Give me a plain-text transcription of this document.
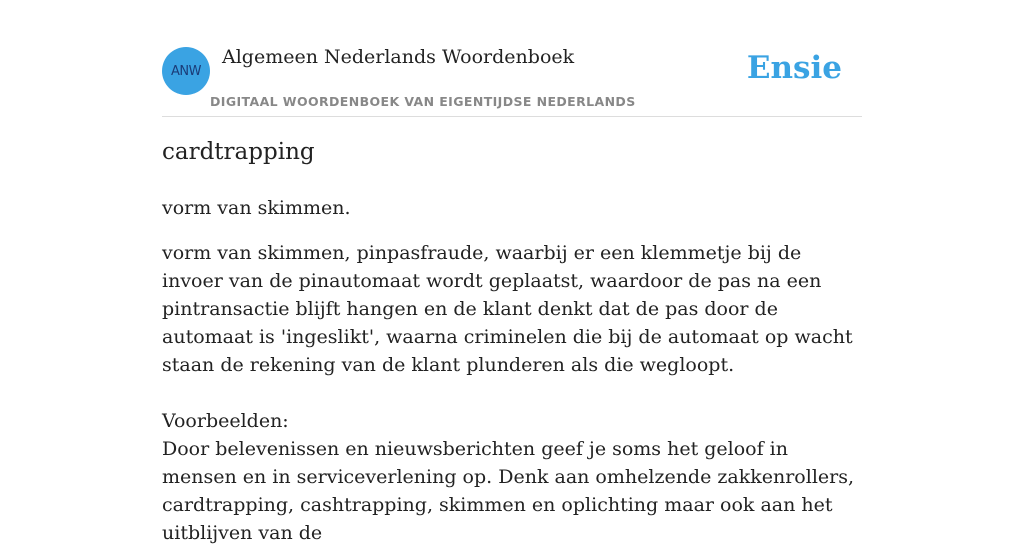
ANW
Algemeen Nederlands Woordenboek
DIGITAAL WOORDENBOEK VAN EIGENTIJDSE NEDERLANDS
Ensie
cardtrapping
vorm van skimmen.

vorm van skimmen, pinpasfraude, waarbij er een klemmetje bij de invoer van de pinautomaat wordt geplaatst, waardoor de pas na een pintransactie blijft hangen en de klant denkt dat de pas door de automaat is 'ingeslikt', waarna criminelen die bij de automaat op wacht staan de rekening van de klant plunderen als die wegloopt.

Voorbeelden:

Door belevenissen en nieuwsberichten geef je soms het geloof in mensen en in serviceverlening op. Denk aan omhelzende zakkenrollers, cardtrapping, cashtrapping, skimmen en oplichting maar ook aan het uitblijven van de
